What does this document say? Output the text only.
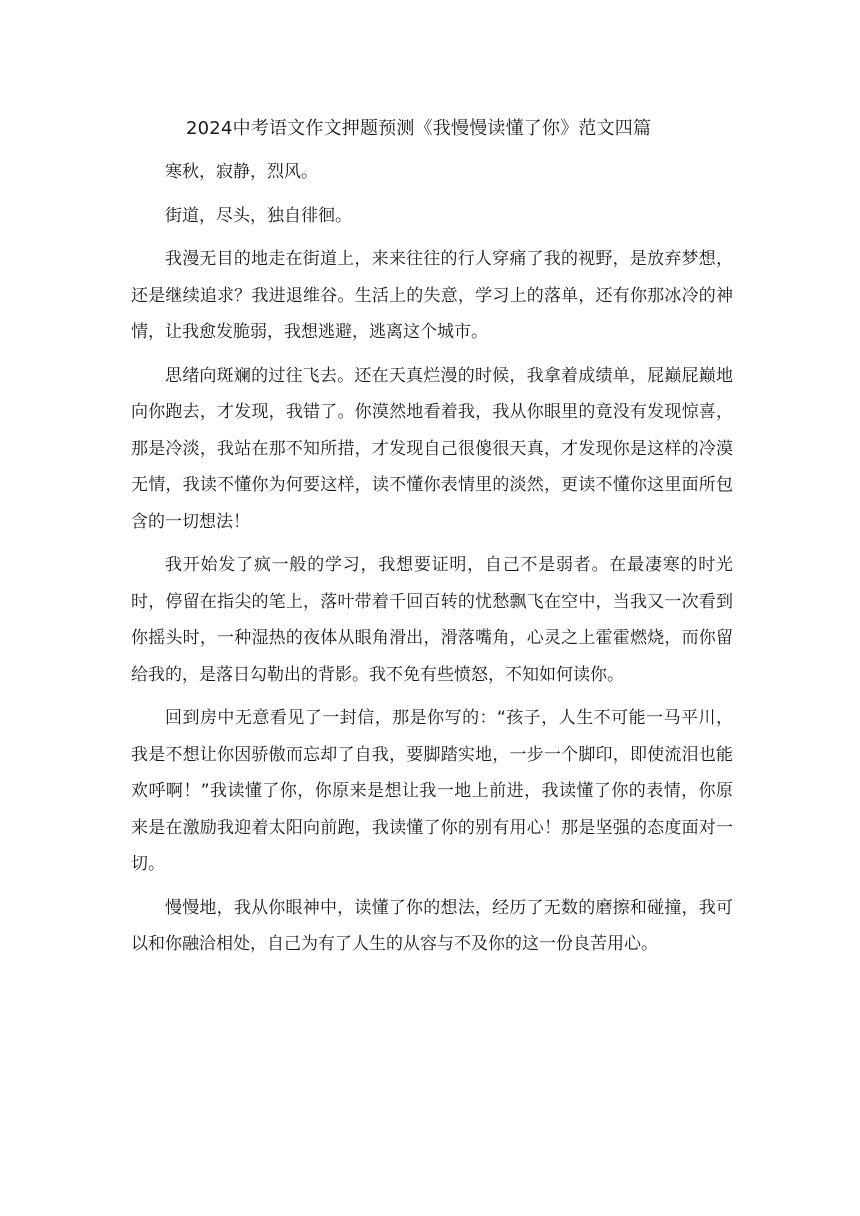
2024中考语文作文押题预测《我慢慢读懂了你》范文四篇

寒秋，寂静，烈风。

街道，尽头，独自徘徊。

我漫无目的地走在街道上，来来往往的行人穿痛了我的视野，是放弃梦想，还是继续追求？我进退维谷。生活上的失意，学习上的落单，还有你那冰冷的神情，让我愈发脆弱，我想逃避，逃离这个城市。

思绪向斑斓的过往飞去。还在天真烂漫的时候，我拿着成绩单，屁巅屁巅地向你跑去，才发现，我错了。你漠然地看着我，我从你眼里的竟没有发现惊喜，那是冷淡，我站在那不知所措，才发现自己很傻很天真，才发现你是这样的冷漠无情，我读不懂你为何要这样，读不懂你表情里的淡然，更读不懂你这里面所包含的一切想法！

我开始发了疯一般的学习，我想要证明，自己不是弱者。在最凄寒的时光时，停留在指尖的笔上，落叶带着千回百转的忧愁飘飞在空中，当我又一次看到你摇头时，一种湿热的夜体从眼角滑出，滑落嘴角，心灵之上霍霍燃烧，而你留给我的，是落日勾勒出的背影。我不免有些愤怒，不知如何读你。

回到房中无意看见了一封信，那是你写的：“孩子，人生不可能一马平川，我是不想让你因骄傲而忘却了自我，要脚踏实地，一步一个脚印，即使流泪也能欢呼啊！”我读懂了你，你原来是想让我一地上前进，我读懂了你的表情，你原来是在激励我迎着太阳向前跑，我读懂了你的别有用心！那是坚强的态度面对一切。

慢慢地，我从你眼神中，读懂了你的想法，经历了无数的磨擦和碰撞，我可以和你融洽相处，自己为有了人生的从容与不及你的这一份良苦用心。
